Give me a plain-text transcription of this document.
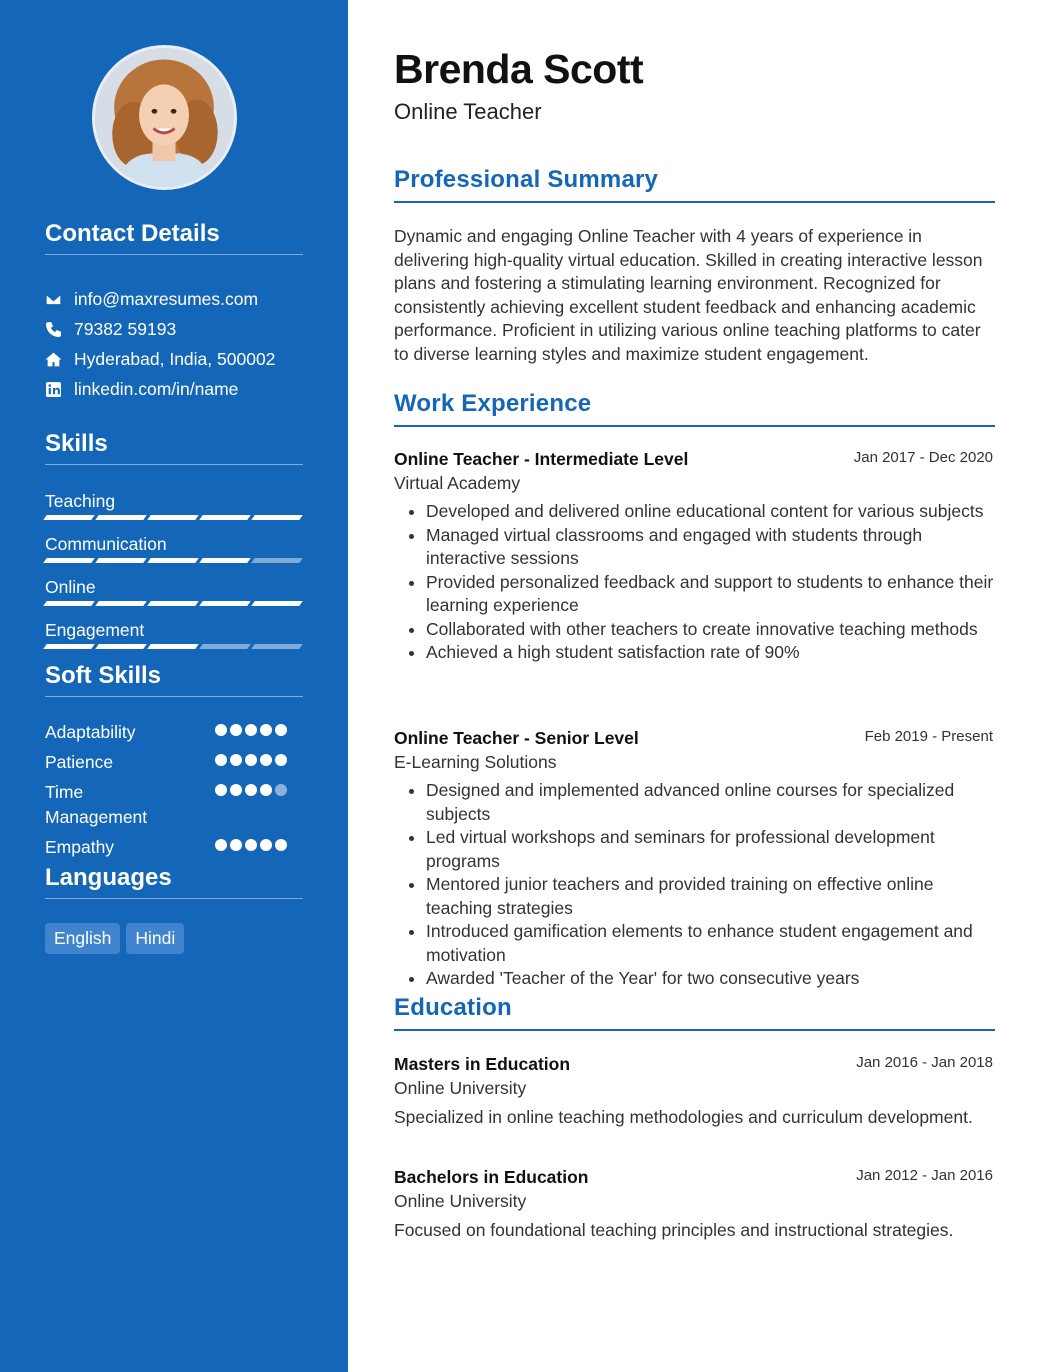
Contact Details
info@maxresumes.com
79382 59193
Hyderabad, India, 500002
linkedin.com/in/name
Skills
Teaching
Communication
Online
Engagement
Soft Skills
Adaptability
Patience
Time Management
Empathy
Languages
English	Hindi
Brenda Scott
Online Teacher
Professional Summary

Dynamic and engaging Online Teacher with 4 years of experience in delivering high-quality virtual education. Skilled in creating interactive lesson plans and fostering a stimulating learning environment. Recognized for consistently achieving excellent student feedback and enhancing academic performance. Proficient in utilizing various online teaching platforms to cater to diverse learning styles and maximize student engagement.

Work Experience
Online Teacher - Intermediate Level	Jan 2017 - Dec 2020
Virtual Academy
• Developed and delivered online educational content for various subjects
• Managed virtual classrooms and engaged with students through interactive sessions
• Provided personalized feedback and support to students to enhance their learning experience
• Collaborated with other teachers to create innovative teaching methods
• Achieved a high student satisfaction rate of 90%
Online Teacher - Senior Level	Feb 2019 - Present
E-Learning Solutions
• Designed and implemented advanced online courses for specialized subjects
• Led virtual workshops and seminars for professional development programs
• Mentored junior teachers and provided training on effective online teaching strategies
• Introduced gamification elements to enhance student engagement and motivation
• Awarded 'Teacher of the Year' for two consecutive years
Education
Masters in Education	Jan 2016 - Jan 2018
Online University
Specialized in online teaching methodologies and curriculum development.
Bachelors in Education	Jan 2012 - Jan 2016
Online University
Focused on foundational teaching principles and instructional strategies.
